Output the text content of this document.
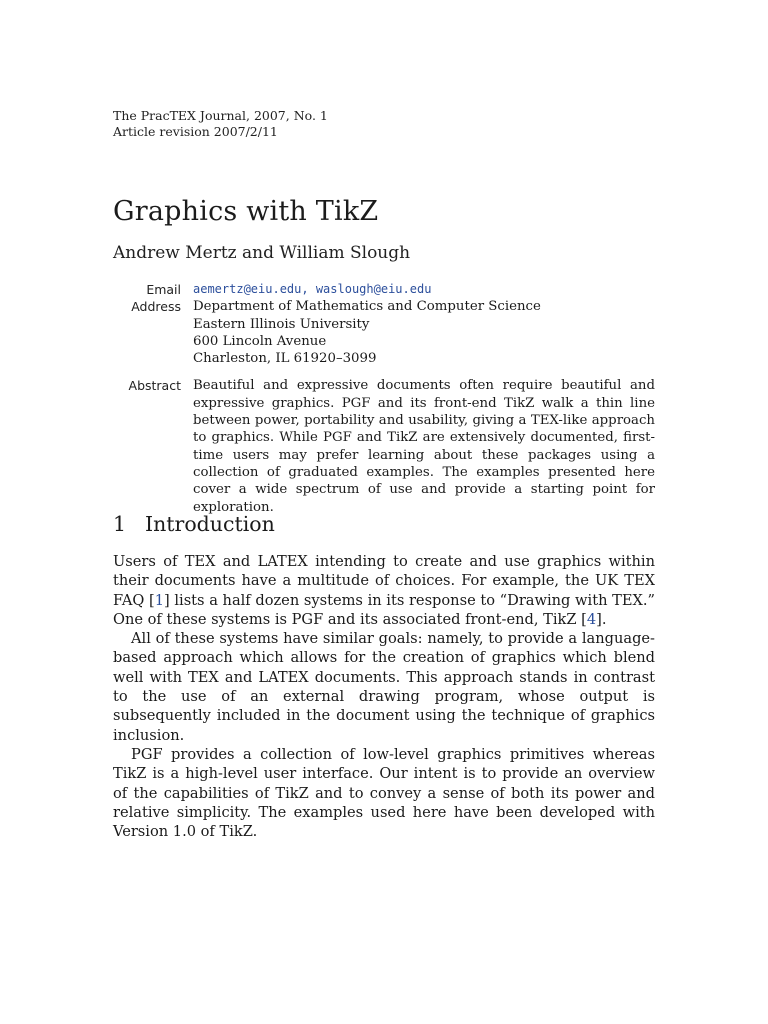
The PracTEX Journal, 2007, No. 1
Article revision 2007/2/11
Graphics with TikZ
Andrew Mertz and William Slough
Email	aemertz@eiu.edu, waslough@eiu.edu
Address Department of Mathematics and Computer Science
Eastern Illinois University
600 Lincoln Avenue
Charleston, IL 61920–3099
Abstract Beautiful and expressive documents often require beautiful and expressive graphics. PGF and its front-end TikZ walk a thin line between power, portability and usability, giving a TEX-like approach to graphics. While PGF and TikZ are extensively documented, first-time users may prefer learning about these packages using a collection of graduated examples. The examples presented here cover a wide spectrum of use and provide a starting point for exploration.
1 Introduction

Users of TEX and LATEX intending to create and use graphics within their documents have a multitude of choices. For example, the UK TEX FAQ [1] lists a half dozen systems in its response to “Drawing with TEX.” One of these systems is PGF and its associated front-end, TikZ [4].

All of these systems have similar goals: namely, to provide a language-based approach which allows for the creation of graphics which blend well with TEX and LATEX documents. This approach stands in contrast to the use of an external drawing program, whose output is subsequently included in the document using the technique of graphics inclusion.

PGF provides a collection of low-level graphics primitives whereas TikZ is a high-level user interface. Our intent is to provide an overview of the capabilities of TikZ and to convey a sense of both its power and relative simplicity. The examples used here have been developed with Version 1.0 of TikZ.
